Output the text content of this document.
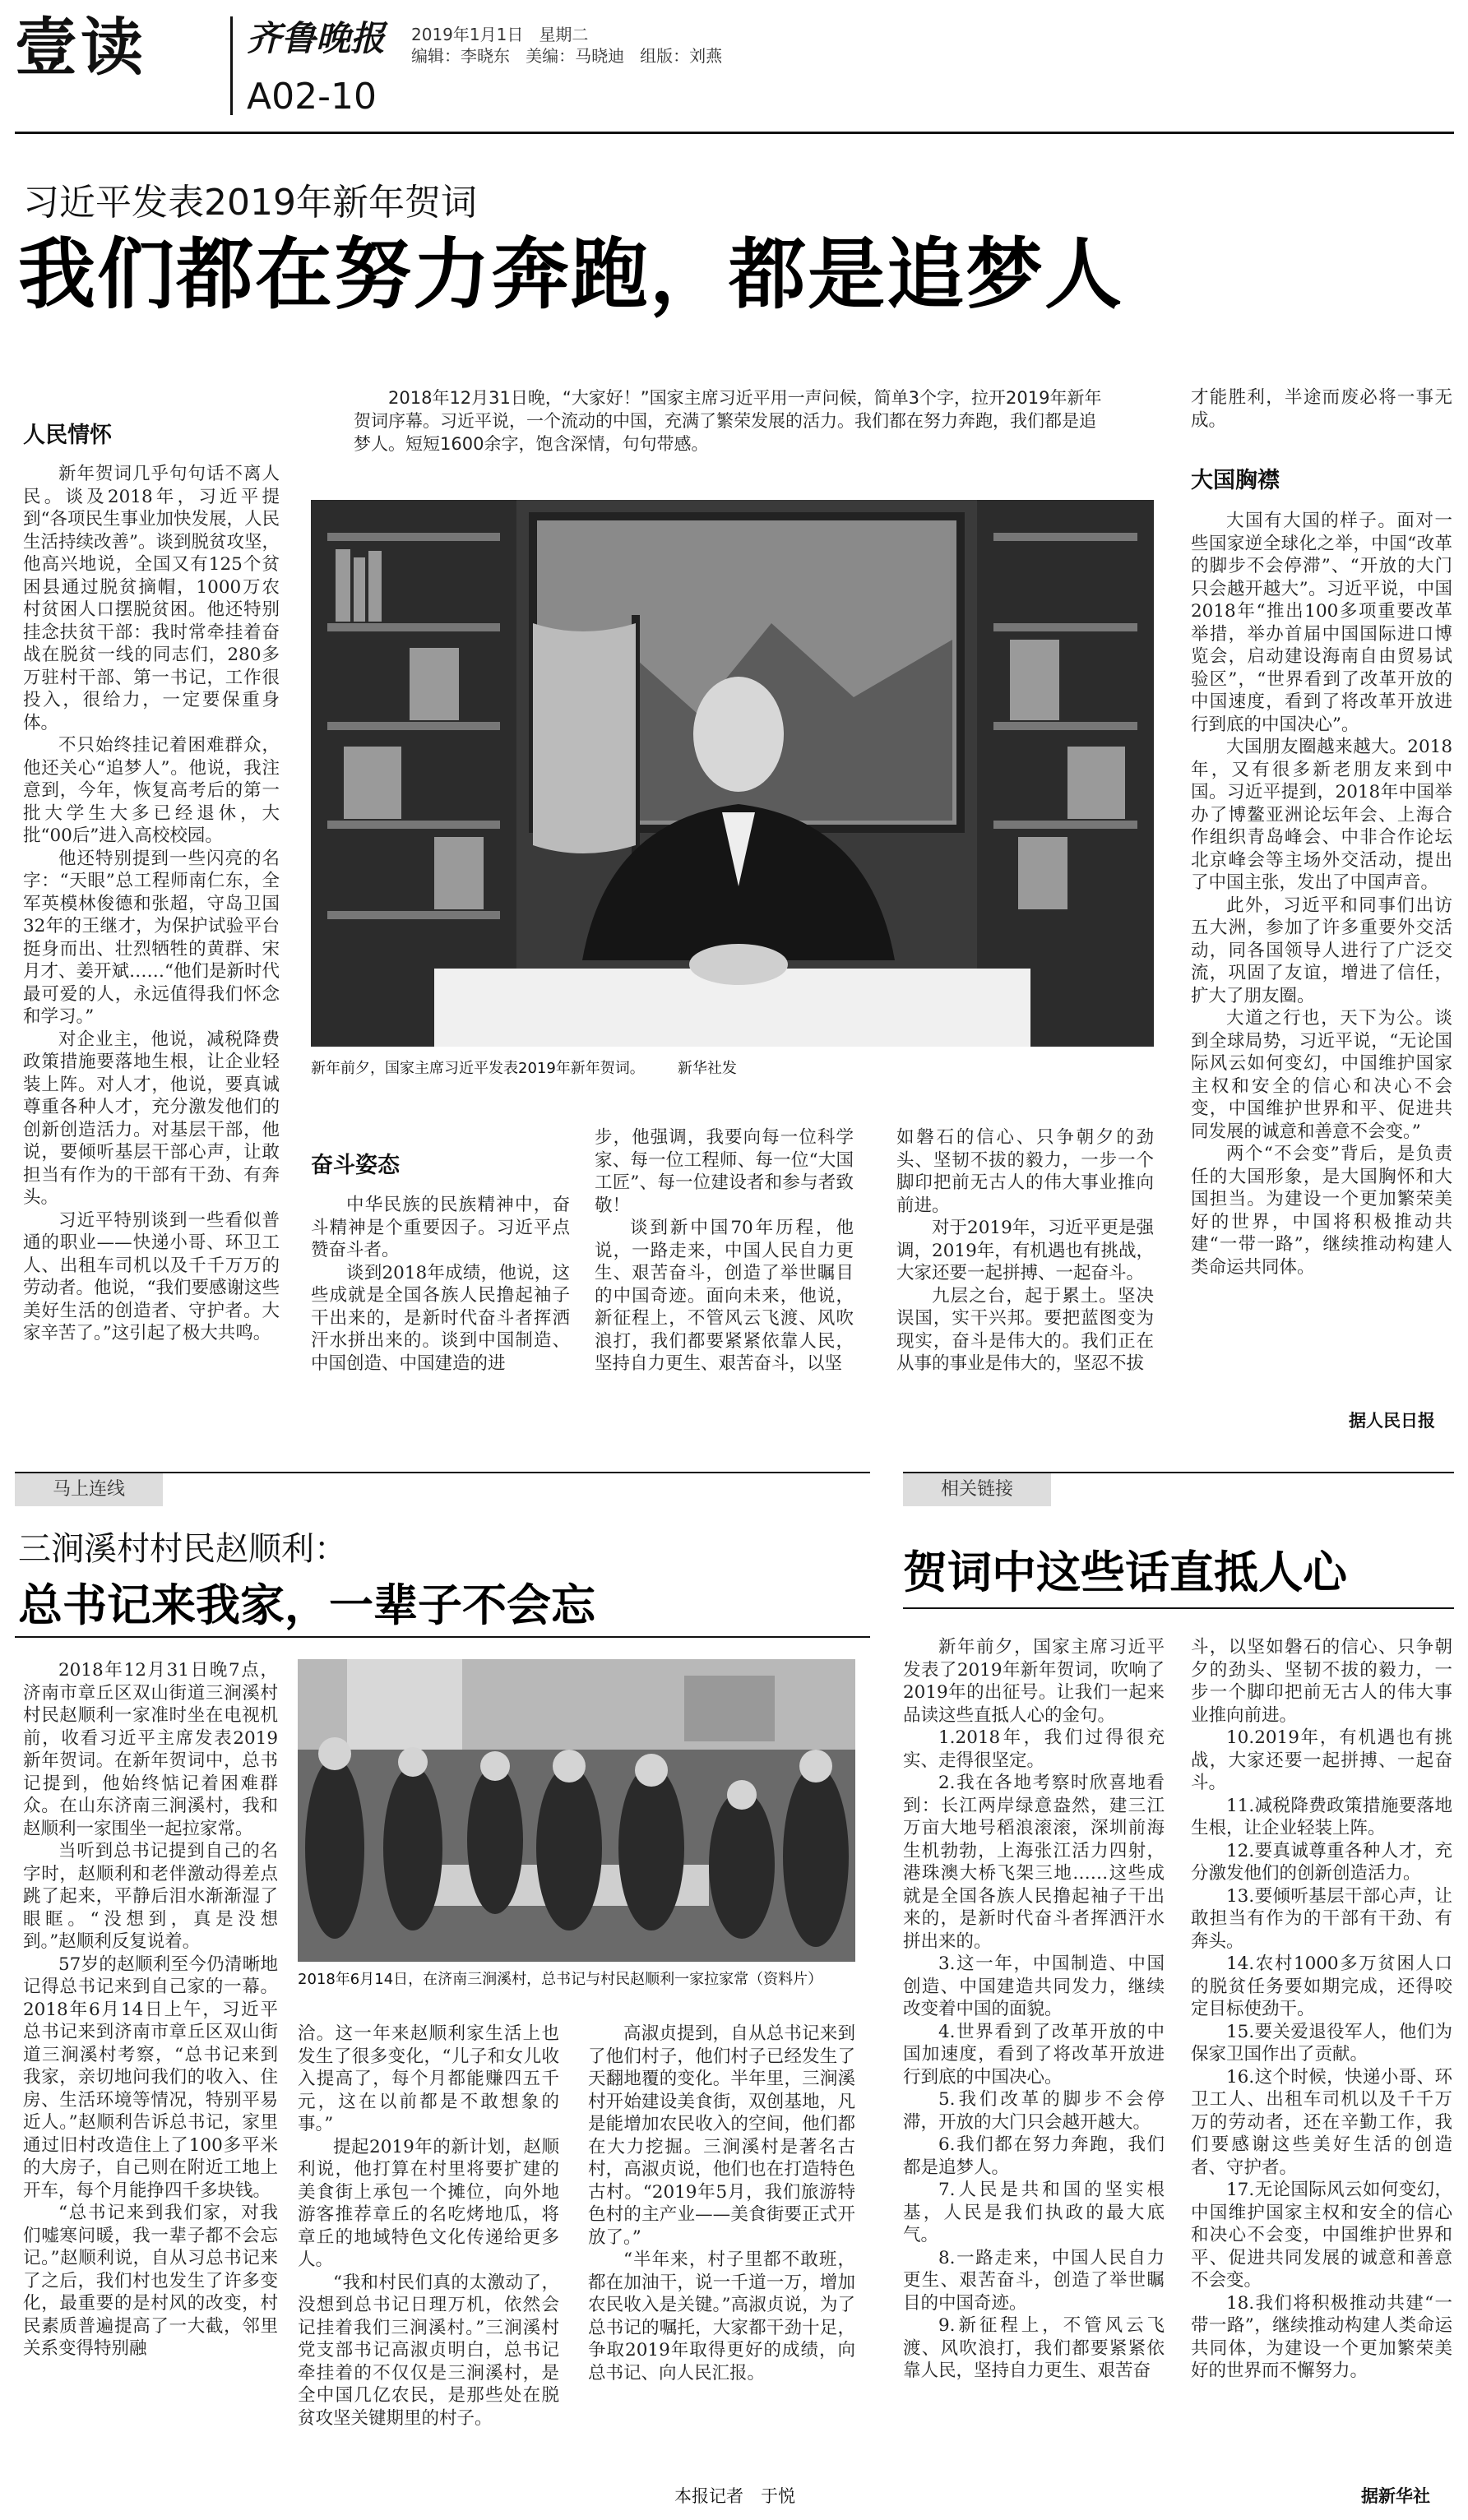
壹读	齐鲁晚报 2019年1月1日 星期二
编辑：李晓东 美编：马晓迪 组版：刘燕
A02-10
习近平发表2019年新年贺词
我们都在努力奔跑，都是追梦人
人民情怀

新年贺词几乎句句话不离人民。谈及2018年，习近平提到“各项民生事业加快发展，人民生活持续改善”。谈到脱贫攻坚，他高兴地说，全国又有125个贫困县通过脱贫摘帽，1000万农村贫困人口摆脱贫困。他还特别挂念扶贫干部：我时常牵挂着奋战在脱贫一线的同志们，280多万驻村干部、第一书记，工作很投入，很给力，一定要保重身体。

不只始终挂记着困难群众，他还关心“追梦人”。他说，我注意到，今年，恢复高考后的第一批大学生大多已经退休，大批“00后”进入高校校园。

他还特别提到一些闪亮的名字：“天眼”总工程师南仁东，全军英模林俊德和张超，守岛卫国32年的王继才，为保护试验平台挺身而出、壮烈牺牲的黄群、宋月才、姜开斌……“他们是新时代最可爱的人，永远值得我们怀念和学习。”

对企业主，他说，减税降费政策措施要落地生根，让企业轻装上阵。对人才，他说，要真诚尊重各种人才，充分激发他们的创新创造活力。对基层干部，他说，要倾听基层干部心声，让敢担当有作为的干部有干劲、有奔头。

习近平特别谈到一些看似普通的职业——快递小哥、环卫工人、出租车司机以及千千万万的劳动者。他说，“我们要感谢这些美好生活的创造者、守护者。大家辛苦了。”这引起了极大共鸣。

2018年12月31日晚，“大家好！”国家主席习近平用一声问候，简单3个字，拉开2019年新年贺词序幕。习近平说，一个流动的中国，充满了繁荣发展的活力。我们都在努力奔跑，我们都是追梦人。短短1600余字，饱含深情，句句带感。
新年前夕，国家主席习近平发表2019年新年贺词。 新华社发
奋斗姿态

中华民族的民族精神中，奋斗精神是个重要因子。习近平点赞奋斗者。

谈到2018年成绩，他说，这些成就是全国各族人民撸起袖子干出来的，是新时代奋斗者挥洒汗水拼出来的。谈到中国制造、中国创造、中国建造的进

步，他强调，我要向每一位科学家、每一位工程师、每一位“大国工匠”、每一位建设者和参与者致敬！

谈到新中国70年历程，他说，一路走来，中国人民自力更生、艰苦奋斗，创造了举世瞩目的中国奇迹。面向未来，他说，新征程上，不管风云飞渡、风吹浪打，我们都要紧紧依靠人民，坚持自力更生、艰苦奋斗，以坚

如磐石的信心、只争朝夕的劲头、坚韧不拔的毅力，一步一个脚印把前无古人的伟大事业推向前进。

对于2019年，习近平更是强调，2019年，有机遇也有挑战，大家还要一起拼搏、一起奋斗。

九层之台，起于累土。坚决误国，实干兴邦。要把蓝图变为现实，奋斗是伟大的。我们正在从事的事业是伟大的，坚忍不拔

才能胜利，半途而废必将一事无成。

大国胸襟

大国有大国的样子。面对一些国家逆全球化之举，中国“改革的脚步不会停滞”、“开放的大门只会越开越大”。习近平说，中国2018年“推出100多项重要改革举措，举办首届中国国际进口博览会，启动建设海南自由贸易试验区”，“世界看到了改革开放的中国速度，看到了将改革开放进行到底的中国决心”。

大国朋友圈越来越大。2018年，又有很多新老朋友来到中国。习近平提到，2018年中国举办了博鳌亚洲论坛年会、上海合作组织青岛峰会、中非合作论坛北京峰会等主场外交活动，提出了中国主张，发出了中国声音。

此外，习近平和同事们出访五大洲，参加了许多重要外交活动，同各国领导人进行了广泛交流，巩固了友谊，增进了信任，扩大了朋友圈。

大道之行也，天下为公。谈到全球局势，习近平说，“无论国际风云如何变幻，中国维护国家主权和安全的信心和决心不会变，中国维护世界和平、促进共同发展的诚意和善意不会变。”

两个“不会变”背后，是负责任的大国形象，是大国胸怀和大国担当。为建设一个更加繁荣美好的世界，中国将积极推动共建“一带一路”，继续推动构建人类命运共同体。

据人民日报
马上连线
三涧溪村村民赵顺利：
总书记来我家，一辈子不会忘

2018年12月31日晚7点，济南市章丘区双山街道三涧溪村村民赵顺利一家准时坐在电视机前，收看习近平主席发表2019新年贺词。在新年贺词中，总书记提到，他始终惦记着困难群众。在山东济南三涧溪村，我和赵顺利一家围坐一起拉家常。

当听到总书记提到自己的名字时，赵顺利和老伴激动得差点跳了起来，平静后泪水渐渐湿了眼眶。“没想到，真是没想到。”赵顺利反复说着。

57岁的赵顺利至今仍清晰地记得总书记来到自己家的一幕。2018年6月14日上午，习近平总书记来到济南市章丘区双山街道三涧溪村考察，“总书记来到我家，亲切地问我们的收入、住房、生活环境等情况，特别平易近人。”赵顺利告诉总书记，家里通过旧村改造住上了100多平米的大房子，自己则在附近工地上开车，每个月能挣四千多块钱。

“总书记来到我们家，对我们嘘寒问暖，我一辈子都不会忘记。”赵顺利说，自从习总书记来了之后，我们村也发生了许多变化，最重要的是村风的改变，村民素质普遍提高了一大截，邻里关系变得特别融

2018年6月14日，在济南三涧溪村，总书记与村民赵顺利一家拉家常（资料片）

洽。这一年来赵顺利家生活上也发生了很多变化，“儿子和女儿收入提高了，每个月都能赚四五千元，这在以前都是不敢想象的事。”

提起2019年的新计划，赵顺利说，他打算在村里将要扩建的美食街上承包一个摊位，向外地游客推荐章丘的名吃烤地瓜，将章丘的地域特色文化传递给更多人。

“我和村民们真的太激动了，没想到总书记日理万机，依然会记挂着我们三涧溪村。”三涧溪村党支部书记高淑贞明白，总书记牵挂着的不仅仅是三涧溪村，是全中国几亿农民，是那些处在脱贫攻坚关键期里的村子。

高淑贞提到，自从总书记来到了他们村子，他们村子已经发生了天翻地覆的变化。半年里，三涧溪村开始建设美食街，双创基地，凡是能增加农民收入的空间，他们都在大力挖掘。三涧溪村是著名古村，高淑贞说，他们也在打造特色古村。“2019年5月，我们旅游特色村的主产业——美食街要正式开放了。”

“半年来，村子里都不敢班，都在加油干，说一千道一万，增加农民收入是关键。”高淑贞说，为了总书记的嘱托，大家都干劲十足，争取2019年取得更好的成绩，向总书记、向人民汇报。

本报记者　于悦
相关链接
贺词中这些话直抵人心

新年前夕，国家主席习近平发表了2019年新年贺词，吹响了2019年的出征号。让我们一起来品读这些直抵人心的金句。

1.2018年，我们过得很充实、走得很坚定。

2.我在各地考察时欣喜地看到：长江两岸绿意盎然，建三江万亩大地号稻浪滚滚，深圳前海生机勃勃，上海张江活力四射，港珠澳大桥飞架三地……这些成就是全国各族人民撸起袖子干出来的，是新时代奋斗者挥洒汗水拼出来的。

3.这一年，中国制造、中国创造、中国建造共同发力，继续改变着中国的面貌。

4.世界看到了改革开放的中国加速度，看到了将改革开放进行到底的中国决心。

5.我们改革的脚步不会停滞，开放的大门只会越开越大。

6.我们都在努力奔跑，我们都是追梦人。

7.人民是共和国的坚实根基，人民是我们执政的最大底气。

8.一路走来，中国人民自力更生、艰苦奋斗，创造了举世瞩目的中国奇迹。

9.新征程上，不管风云飞渡、风吹浪打，我们都要紧紧依靠人民，坚持自力更生、艰苦奋

斗，以坚如磐石的信心、只争朝夕的劲头、坚韧不拔的毅力，一步一个脚印把前无古人的伟大事业推向前进。

10.2019年，有机遇也有挑战，大家还要一起拼搏、一起奋斗。

11.减税降费政策措施要落地生根，让企业轻装上阵。

12.要真诚尊重各种人才，充分激发他们的创新创造活力。

13.要倾听基层干部心声，让敢担当有作为的干部有干劲、有奔头。

14.农村1000多万贫困人口的脱贫任务要如期完成，还得咬定目标使劲干。

15.要关爱退役军人，他们为保家卫国作出了贡献。

16.这个时候，快递小哥、环卫工人、出租车司机以及千千万万的劳动者，还在辛勤工作，我们要感谢这些美好生活的创造者、守护者。

17.无论国际风云如何变幻，中国维护国家主权和安全的信心和决心不会变，中国维护世界和平、促进共同发展的诚意和善意不会变。

18.我们将积极推动共建“一带一路”，继续推动构建人类命运共同体，为建设一个更加繁荣美好的世界而不懈努力。

据新华社
